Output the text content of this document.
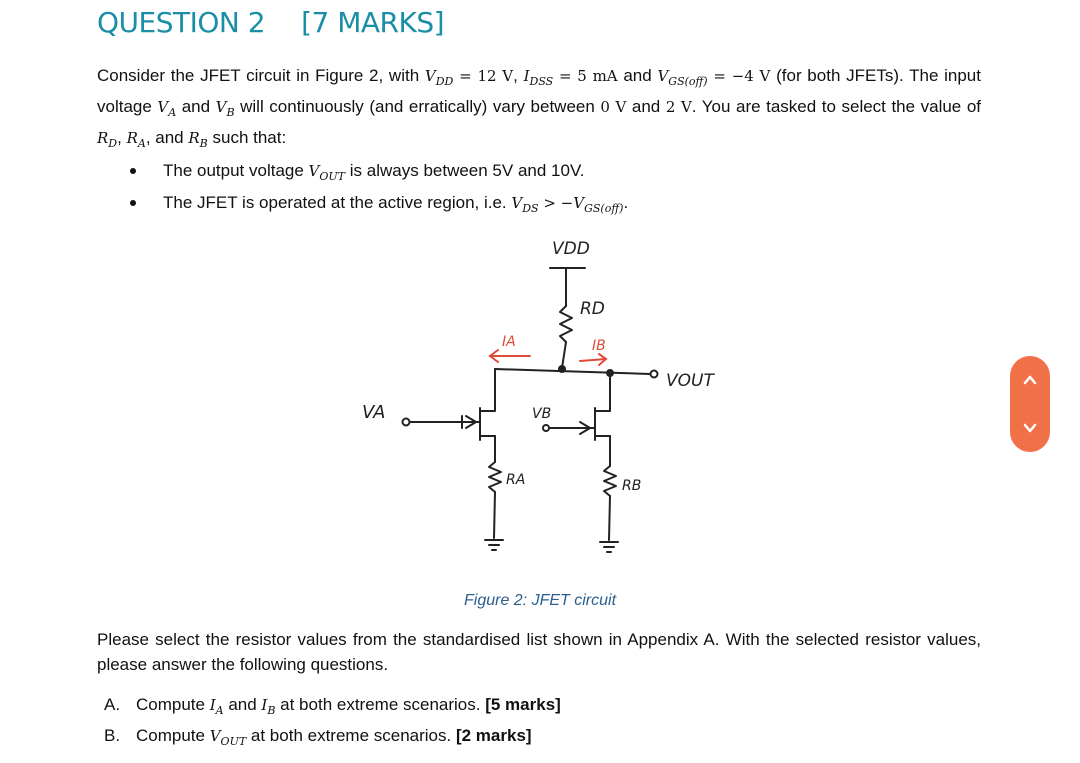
QUESTION 2 [7 MARKS]

Consider the JFET circuit in Figure 2, with $V_{DD} = 12$ V, $I_{DSS} = 5$ mA and $V_{GS(off)} = -4$ V (for both JFETs). The input voltage $V_A$ and $V_B$ will continuously (and erratically) vary between 0 V and 2 V. You are tasked to select the value of $R_D$, $R_A$, and $R_B$ such that:

The output voltage $V_{OUT}$ is always between 5V and 10V.
The JFET is operated at the active region, i.e. $V_{DS} > -V_{GS(off)}$.
VDD
RD
IA	IB
VOUT
VA	VB
RA	RB
Figure 2: JFET circuit

Please select the resistor values from the standardised list shown in Appendix A. With the selected resistor values, please answer the following questions.

A. Compute $I_A$ and $I_B$ at both extreme scenarios. [5 marks]
B. Compute $V_{OUT}$ at both extreme scenarios. [2 marks]
